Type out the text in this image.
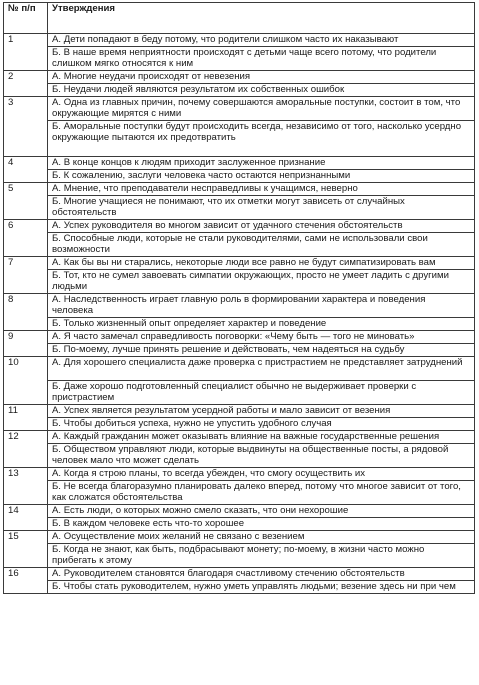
№ п/п	Утверждения
1	А. Дети попадают в беду потому, что родители слишком часто их наказывают
	Б. В наше время неприятности происходят с детьми чаще всего потому, что родители слишком мягко относятся к ним
2	А. Многие неудачи происходят от невезения
	Б. Неудачи людей являются результатом их собственных ошибок
3	А. Одна из главных причин, почему совершаются аморальные поступки, состоит в том, что окружающие мирятся с ними
	Б. Аморальные поступки будут происходить всегда, независимо от того, насколько усердно окружающие пытаются их предотвратить
4	А. В конце концов к людям приходит заслуженное признание
	Б. К сожалению, заслуги человека часто остаются непризнанными
5	А. Мнение, что преподаватели несправедливы к учащимся, неверно
	Б. Многие учащиеся не понимают, что их отметки могут зависеть от случайных обстоятельств
6	А. Успех руководителя во многом зависит от удачного стечения обстоятельств
	Б. Способные люди, которые не стали руководителями, сами не использовали свои возможности
7	А. Как бы вы ни старались, некоторые люди все равно не будут симпатизировать вам
	Б. Тот, кто не сумел завоевать симпатии окружающих, просто не умеет ладить с другими людьми
8	А. Наследственность играет главную роль в формировании характера и поведения человека
	Б. Только жизненный опыт определяет характер и поведение
9	А. Я часто замечал справедливость поговорки: «Чему быть — того не миновать»
	Б. По-моему, лучше принять решение и действовать, чем надеяться на судьбу
10	А. Для хорошего специалиста даже проверка с пристрастием не представляет затруднений
	Б. Даже хорошо подготовленный специалист обычно не выдерживает проверки с пристрастием
11	А. Успех является результатом усердной работы и мало зависит от везения
	Б. Чтобы добиться успеха, нужно не упустить удобного случая
12	А. Каждый гражданин может оказывать влияние на важные государственные решения
	Б. Обществом управляют люди, которые выдвинуты на общественные посты, а рядовой человек мало что может сделать
13	А. Когда я строю планы, то всегда убежден, что смогу осуществить их
	Б. Не всегда благоразумно планировать далеко вперед, потому что многое зависит от того, как сложатся обстоятельства
14	А. Есть люди, о которых можно смело сказать, что они нехорошие
	Б. В каждом человеке есть что-то хорошее
15	А. Осуществление моих желаний не связано с везением
	Б. Когда не знают, как быть, подбрасывают монету; по-моему, в жизни часто можно прибегать к этому
16	А. Руководителем становятся благодаря счастливому стечению обстоятельств
	Б. Чтобы стать руководителем, нужно уметь управлять людьми; везение здесь ни при чем
